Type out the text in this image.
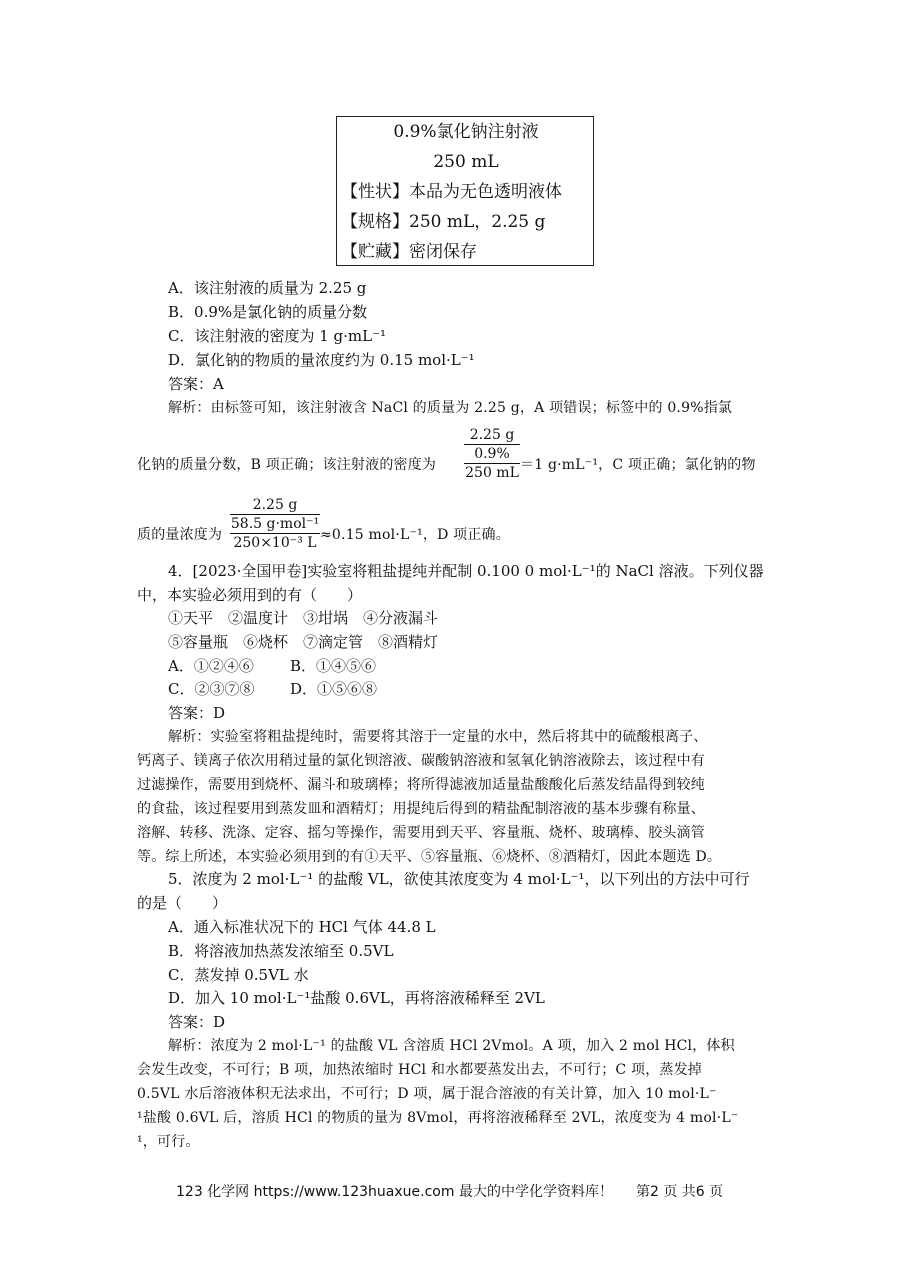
0.9%氯化钠注射液
250 mL
【性状】本品为无色透明液体
【规格】250 mL，2.25 g
【贮藏】密闭保存
A．该注射液的质量为 2.25 g
B．0.9%是氯化钠的质量分数
C．该注射液的密度为 1 g·mL⁻¹
D．氯化钠的物质的量浓度约为 0.15 mol·L⁻¹
答案：A
解析：由标签可知，该注射液含 NaCl 的质量为 2.25 g，A 项错误；标签中的 0.9%指氯
2.25 g
0.9%
250 mL
化钠的质量分数，B 项正确；该注射液的密度为	＝1 g·mL⁻¹，C 项正确；氯化钠的物
2.25 g
58.5 g·mol⁻¹
250×10⁻³ L
质的量浓度为	≈0.15 mol·L⁻¹，D 项正确。
4．[2023·全国甲卷]实验室将粗盐提纯并配制 0.100 0 mol·L⁻¹的 NaCl 溶液。下列仪器
中，本实验必须用到的有（　　）
①天平　②温度计　③坩埚　④分液漏斗
⑤容量瓶　⑥烧杯　⑦滴定管　⑧酒精灯
A．①②④⑥ B．①④⑤⑥
C．②③⑦⑧ D．①⑤⑥⑧
答案：D
解析：实验室将粗盐提纯时，需要将其溶于一定量的水中，然后将其中的硫酸根离子、
钙离子、镁离子依次用稍过量的氯化钡溶液、碳酸钠溶液和氢氧化钠溶液除去，该过程中有
过滤操作，需要用到烧杯、漏斗和玻璃棒；将所得滤液加适量盐酸酸化后蒸发结晶得到较纯
的食盐，该过程要用到蒸发皿和酒精灯；用提纯后得到的精盐配制溶液的基本步骤有称量、
溶解、转移、洗涤、定容、摇匀等操作，需要用到天平、容量瓶、烧杯、玻璃棒、胶头滴管
等。综上所述，本实验必须用到的有①天平、⑤容量瓶、⑥烧杯、⑧酒精灯，因此本题选 D。
5．浓度为 2 mol·L⁻¹ 的盐酸 VL，欲使其浓度变为 4 mol·L⁻¹，以下列出的方法中可行
的是（　　）
A．通入标准状况下的 HCl 气体 44.8 L
B．将溶液加热蒸发浓缩至 0.5VL
C．蒸发掉 0.5VL 水
D．加入 10 mol·L⁻¹盐酸 0.6VL，再将溶液稀释至 2VL
答案：D
解析：浓度为 2 mol·L⁻¹ 的盐酸 VL 含溶质 HCl 2Vmol。A 项，加入 2 mol HCl，体积
会发生改变，不可行；B 项，加热浓缩时 HCl 和水都要蒸发出去，不可行；C 项，蒸发掉
0.5VL 水后溶液体积无法求出，不可行；D 项，属于混合溶液的有关计算，加入 10 mol·L⁻
¹盐酸 0.6VL 后，溶质 HCl 的物质的量为 8Vmol，再将溶液稀释至 2VL，浓度变为 4 mol·L⁻
¹，可行。
123 化学网 https://www.123huaxue.com 最大的中学化学资料库！ 第2 页 共6 页
